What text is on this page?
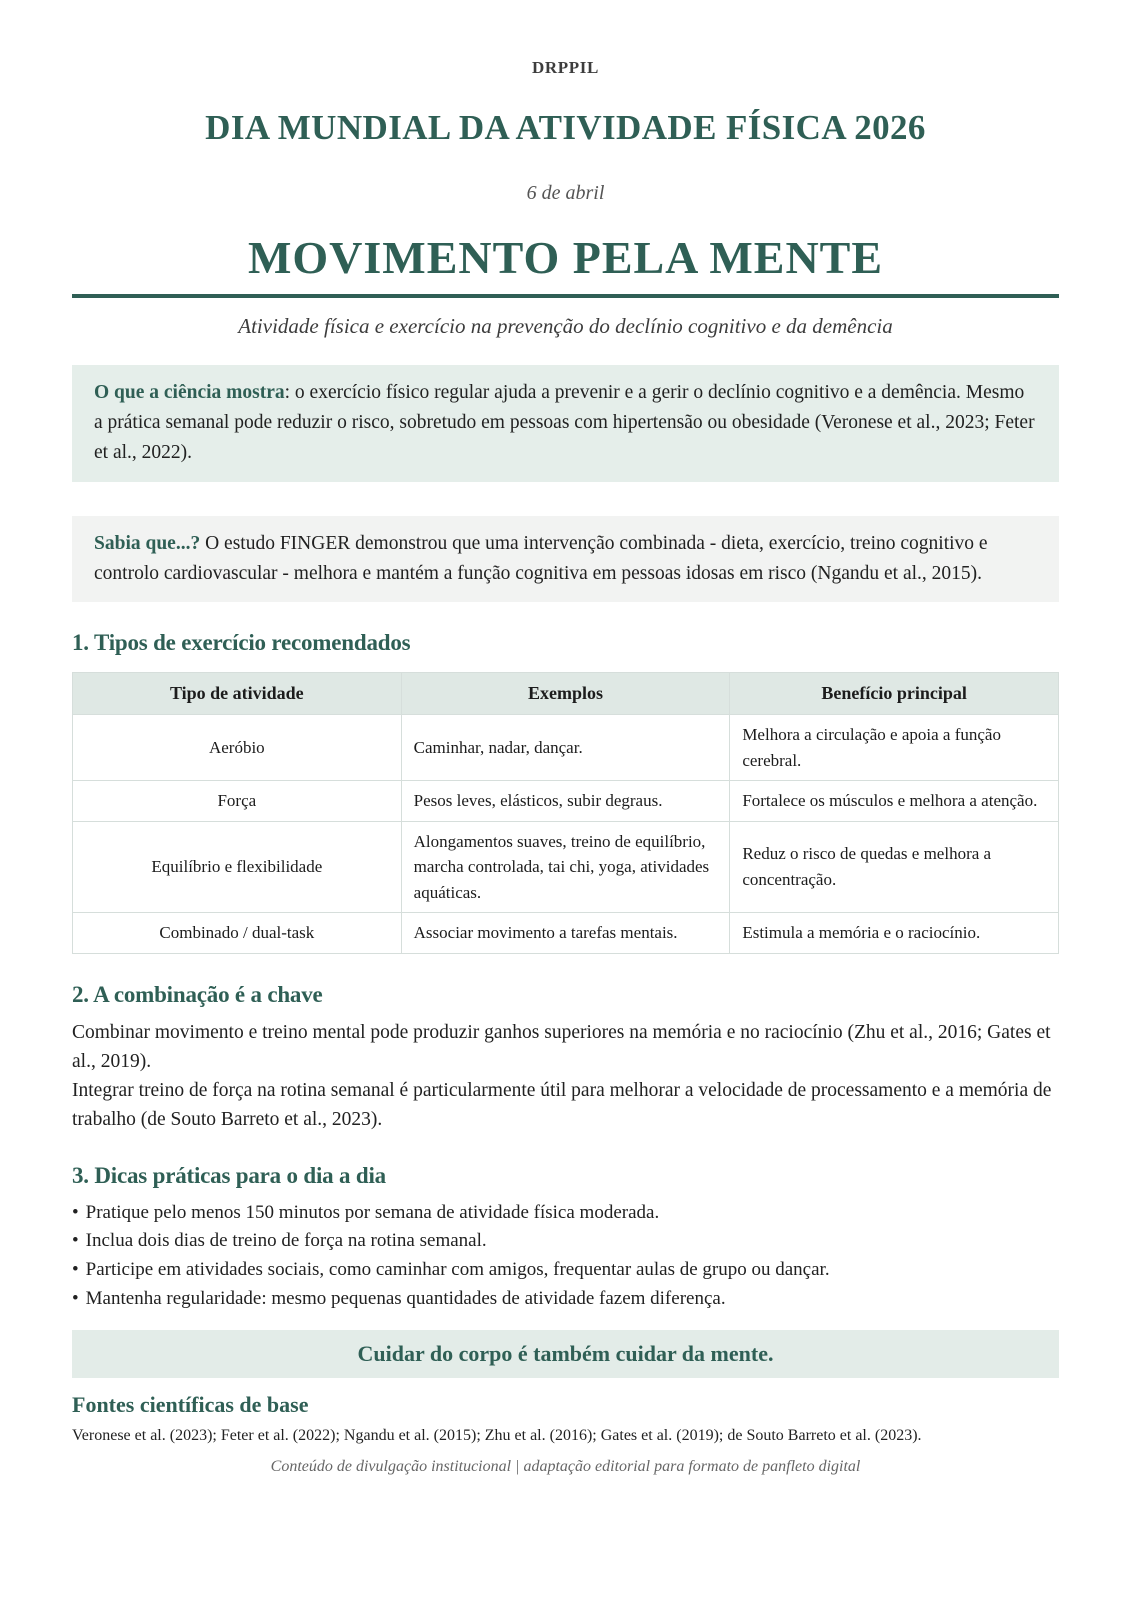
DRPPIL
DIA MUNDIAL DA ATIVIDADE FÍSICA 2026
6 de abril
MOVIMENTO PELA MENTE
Atividade física e exercício na prevenção do declínio cognitivo e da demência
O que a ciência mostra: o exercício físico regular ajuda a prevenir e a gerir o declínio cognitivo e a demência. Mesmo a prática semanal pode reduzir o risco, sobretudo em pessoas com hipertensão ou obesidade (Veronese et al., 2023; Feter et al., 2022).
Sabia que...? O estudo FINGER demonstrou que uma intervenção combinada - dieta, exercício, treino cognitivo e controlo cardiovascular - melhora e mantém a função cognitiva em pessoas idosas em risco (Ngandu et al., 2015).
1. Tipos de exercício recomendados
Tipo de atividade	Exemplos	Benefício principal
Aeróbio	Caminhar, nadar, dançar.	Melhora a circulação e apoia a função cerebral.
Força	Pesos leves, elásticos, subir degraus.	Fortalece os músculos e melhora a atenção.
Equilíbrio e flexibilidade	Alongamentos suaves, treino de equilíbrio, marcha controlada, tai chi, yoga, atividades aquáticas.	Reduz o risco de quedas e melhora a concentração.
Combinado / dual-task	Associar movimento a tarefas mentais.	Estimula a memória e o raciocínio.
2. A combinação é a chave

Combinar movimento e treino mental pode produzir ganhos superiores na memória e no raciocínio (Zhu et al., 2016; Gates et al., 2019).

Integrar treino de força na rotina semanal é particularmente útil para melhorar a velocidade de processamento e a memória de trabalho (de Souto Barreto et al., 2023).

3. Dicas práticas para o dia a dia
• Pratique pelo menos 150 minutos por semana de atividade física moderada.
• Inclua dois dias de treino de força na rotina semanal.
• Participe em atividades sociais, como caminhar com amigos, frequentar aulas de grupo ou dançar.
• Mantenha regularidade: mesmo pequenas quantidades de atividade fazem diferença.
Cuidar do corpo é também cuidar da mente.
Fontes científicas de base
Veronese et al. (2023); Feter et al. (2022); Ngandu et al. (2015); Zhu et al. (2016); Gates et al. (2019); de Souto Barreto et al. (2023).
Conteúdo de divulgação institucional | adaptação editorial para formato de panfleto digital
